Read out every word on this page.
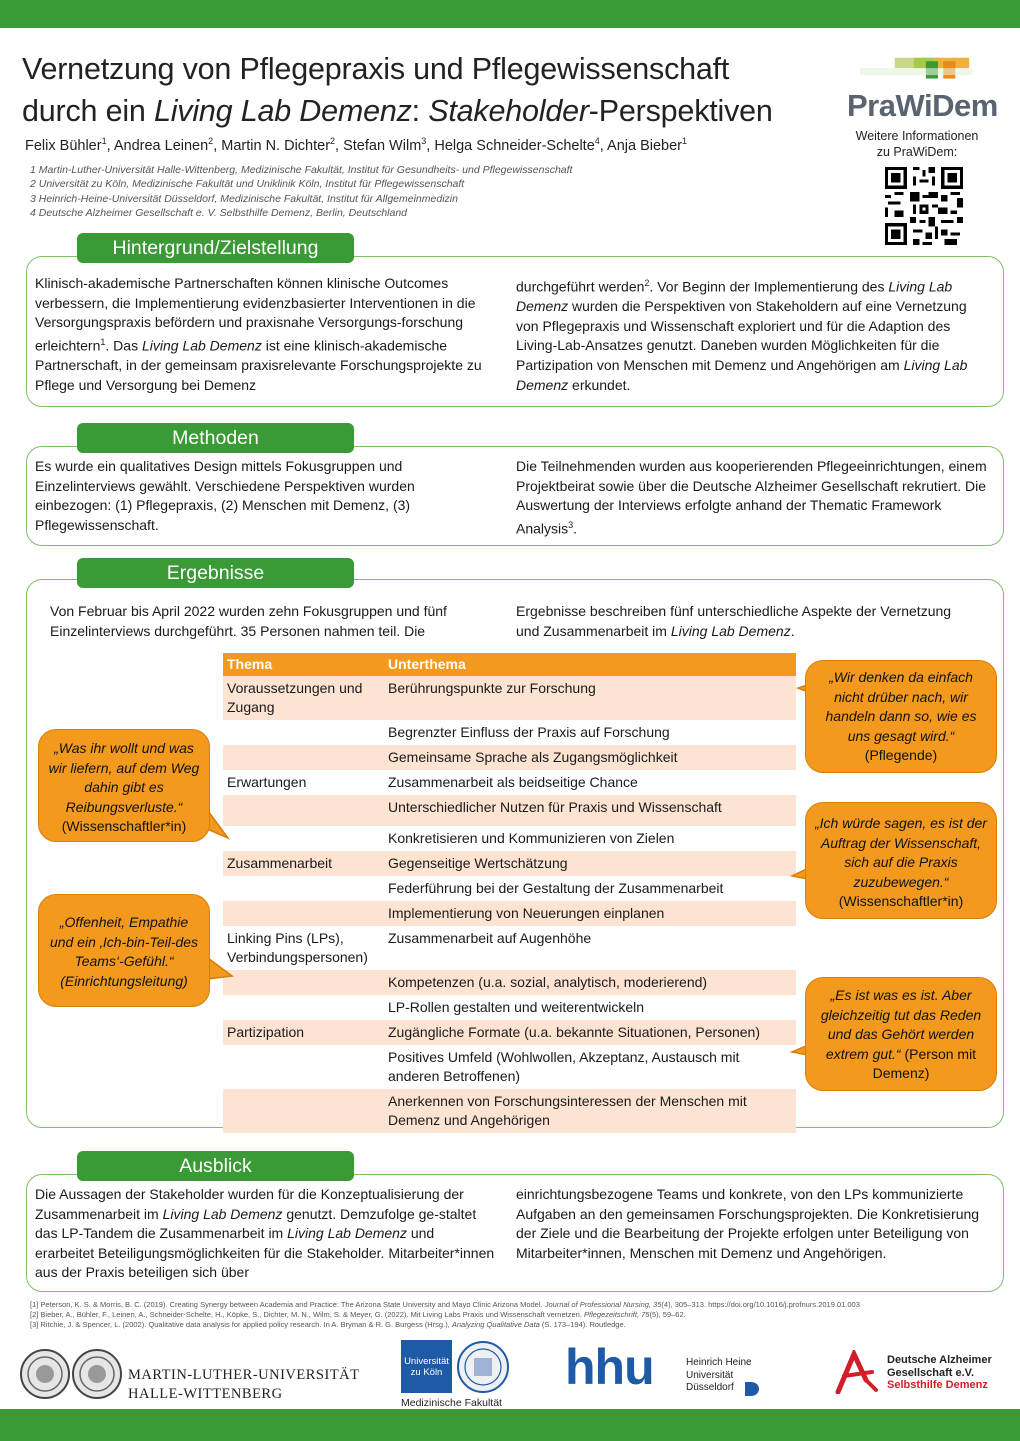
Vernetzung von Pflegepraxis und Pflegewissenschaft
durch ein Living Lab Demenz: Stakeholder-Perspektiven
Felix Bühler$^1$, Andrea Leinen$^2$, Martin N. Dichter$^2$, Stefan Wilm$^3$, Helga Schneider-Schelte$^4$, Anja Bieber$^1$
1 Martin-Luther-Universität Halle-Wittenberg, Medizinische Fakultät, Institut für Gesundheits- und Pflegewissenschaft
2 Universität zu Köln, Medizinische Fakultät und Uniklinik Köln, Institut für Pflegewissenschaft
3 Heinrich-Heine-Universität Düsseldorf, Medizinische Fakultät, Institut für Allgemeinmedizin
4 Deutsche Alzheimer Gesellschaft e. V. Selbsthilfe Demenz, Berlin, Deutschland
PraWiDem
Weitere Informationen
zu PraWiDem:
Hintergrund/Zielstellung
Klinisch-akademische Partnerschaften können klinische Outcomes verbessern, die Implementierung evidenzbasierter Interventionen in die Versorgungspraxis befördern und praxisnahe Versorgungs-forschung erleichtern$^1$. Das Living Lab Demenz ist eine klinisch-akademische Partnerschaft, in der gemeinsam praxisrelevante Forschungsprojekte zu Pflege und Versorgung bei Demenz
durchgeführt werden$^2$. Vor Beginn der Implementierung des Living Lab Demenz wurden die Perspektiven von Stakeholdern auf eine Vernetzung von Pflegepraxis und Wissenschaft exploriert und für die Adaption des Living-Lab-Ansatzes genutzt. Daneben wurden Möglichkeiten für die Partizipation von Menschen mit Demenz und Angehörigen am Living Lab Demenz erkundet.
Methoden
Es wurde ein qualitatives Design mittels Fokusgruppen und Einzelinterviews gewählt. Verschiedene Perspektiven wurden einbezogen: (1) Pflegepraxis, (2) Menschen mit Demenz, (3) Pflegewissenschaft.
Die Teilnehmenden wurden aus kooperierenden Pflegeeinrichtungen, einem Projektbeirat sowie über die Deutsche Alzheimer Gesellschaft rekrutiert. Die Auswertung der Interviews erfolgte anhand der Thematic Framework Analysis$^3$.
Ergebnisse
Von Februar bis April 2022 wurden zehn Fokusgruppen und fünf Einzelinterviews durchgeführt. 35 Personen nahmen teil. Die
Ergebnisse beschreiben fünf unterschiedliche Aspekte der Vernetzung und Zusammenarbeit im Living Lab Demenz.
Thema	Unterthema
Voraussetzungen und Zugang	Berührungspunkte zur Forschung
	Begrenzter Einfluss der Praxis auf Forschung
	Gemeinsame Sprache als Zugangsmöglichkeit
Erwartungen	Zusammenarbeit als beidseitige Chance
	Unterschiedlicher Nutzen für Praxis und Wissenschaft
	Konkretisieren und Kommunizieren von Zielen
Zusammenarbeit	Gegenseitige Wertschätzung
	Federführung bei der Gestaltung der Zusammenarbeit
	Implementierung von Neuerungen einplanen
Linking Pins (LPs), Verbindungspersonen)	Zusammenarbeit auf Augenhöhe
	Kompetenzen (u.a. sozial, analytisch, moderierend)
	LP-Rollen gestalten und weiterentwickeln
Partizipation	Zugängliche Formate (u.a. bekannte Situationen, Personen)
	Positives Umfeld (Wohlwollen, Akzeptanz, Austausch mit anderen Betroffenen)
	Anerkennen von Forschungsinteressen der Menschen mit Demenz und Angehörigen
„Was ihr wollt und was wir liefern, auf dem Weg dahin gibt es Reibungsverluste.“
(Wissenschaftler*in)
„Offenheit, Empathie und ein ‚Ich-bin-Teil-des Teams‘-Gefühl.“ (Einrichtungsleitung)
„Wir denken da einfach nicht drüber nach, wir handeln dann so, wie es uns gesagt wird.“
(Pflegende)
„Ich würde sagen, es ist der Auftrag der Wissenschaft, sich auf die Praxis zuzubewegen.“
(Wissenschaftler*in)
„Es ist was es ist. Aber gleichzeitig tut das Reden und das Gehört werden extrem gut.“ (Person mit Demenz)
Ausblick
Die Aussagen der Stakeholder wurden für die Konzeptualisierung der Zusammenarbeit im Living Lab Demenz genutzt. Demzufolge ge-staltet das LP-Tandem die Zusammenarbeit im Living Lab Demenz und erarbeitet Beteiligungsmöglichkeiten für die Stakeholder. Mitarbeiter*innen aus der Praxis beteiligen sich über
einrichtungsbezogene Teams und konkrete, von den LPs kommunizierte Aufgaben an den gemeinsamen Forschungsprojekten. Die Konkretisierung der Ziele und die Bearbeitung der Projekte erfolgen unter Beteiligung von Mitarbeiter*innen, Menschen mit Demenz und Angehörigen.
[1] Peterson, K. S. & Morris, B. C. (2019). Creating Synergy between Academia and Practice: The Arizona State University and Mayo Clinic Arizona Model. Journal of Professional Nursing, 35(4), 305–313. https://doi.org/10.1016/j.profnurs.2019.01.003
[2] Bieber, A., Bühler, F., Leinen, A., Schneider-Schelte, H., Köpke, S., Dichter, M. N., Wilm, S. & Meyer, G. (2022). Mit Living Labs Praxis und Wissenschaft vernetzen. Pflegezeitschrift, 75(5), 59–62.
[3] Ritchie, J. & Spencer, L. (2002). Qualitative data analysis for applied policy research. In A. Bryman & R. G. Burgess (Hrsg.), Analyzing Qualitative Data (S. 173–194). Routledge.
MARTIN-LUTHER-UNIVERSITÄT
HALLE-WITTENBERG
Universität
zu Köln
Medizinische Fakultät
hhu	Heinrich Heine
Universität
Düsseldorf
Deutsche Alzheimer
Gesellschaft e.V.
Selbsthilfe Demenz
